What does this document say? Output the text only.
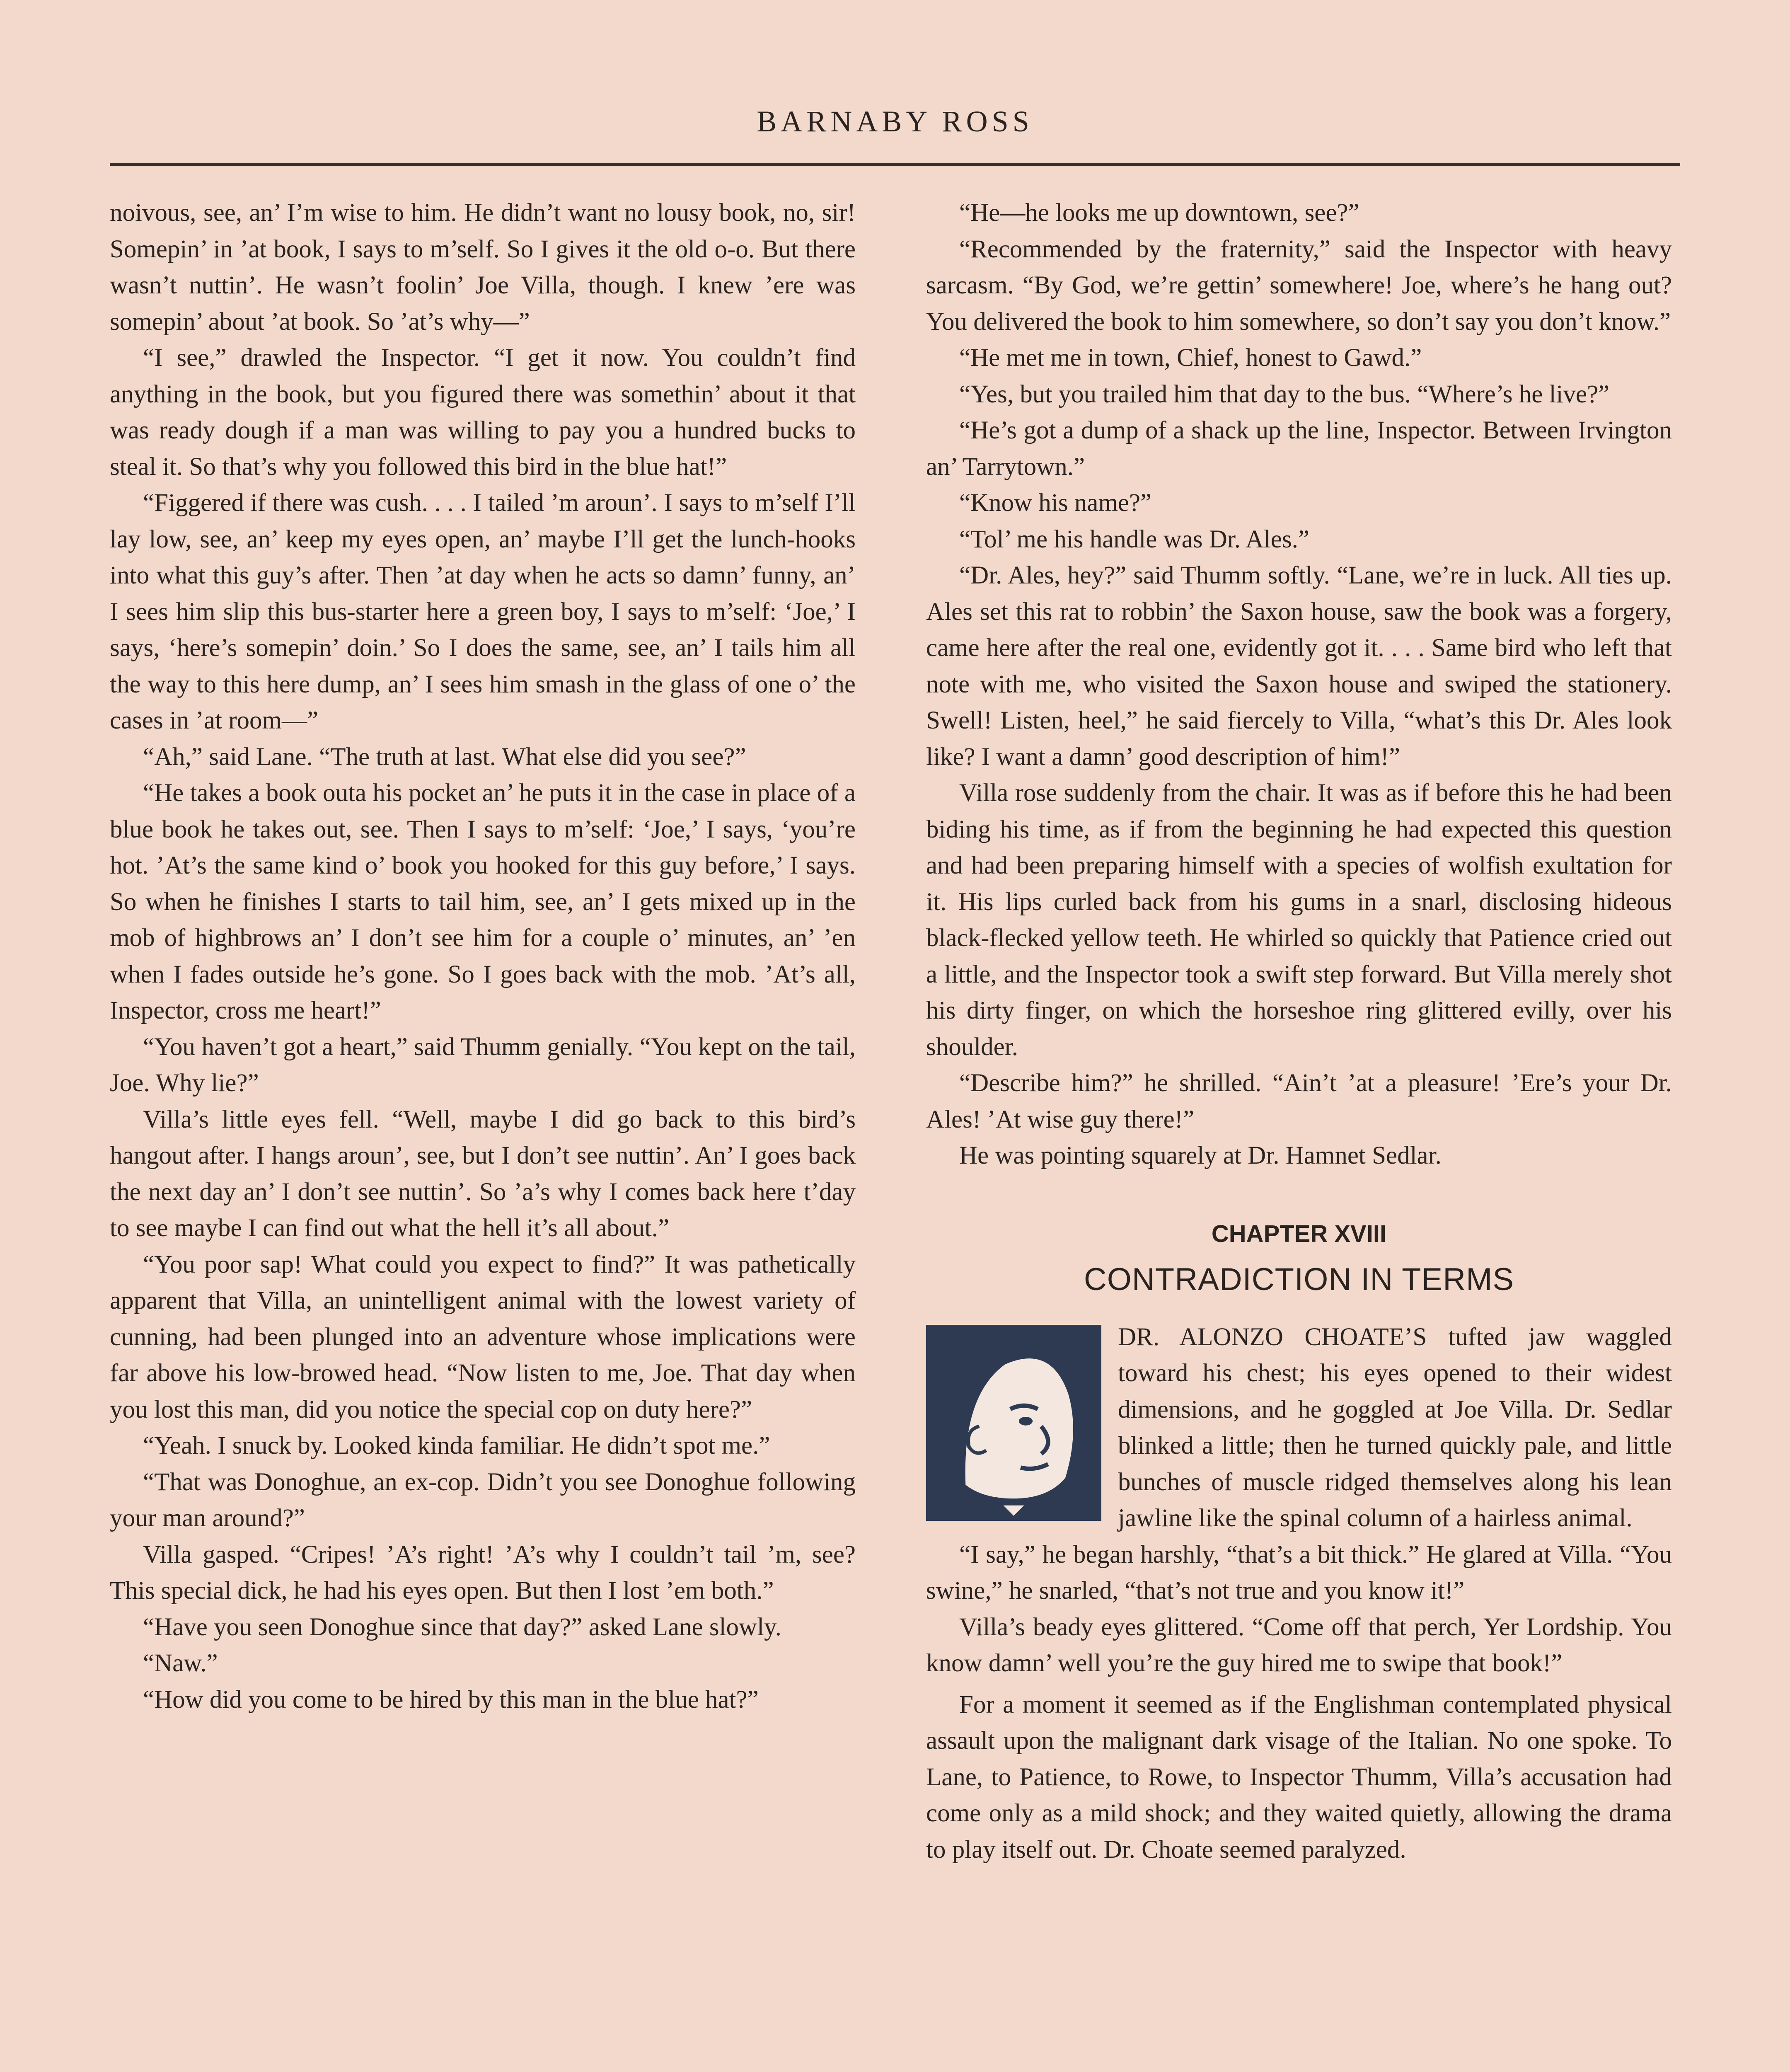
BARNABY ROSS

noivous, see, an’ I’m wise to him. He didn’t want no lousy book, no, sir! Somepin’ in ’at book, I says to m’self. So I gives it the old o-o. But there wasn’t nuttin’. He wasn’t foolin’ Joe Villa, though. I knew ’ere was somepin’ about ’at book. So ’at’s why—”

“I see,” drawled the Inspector. “I get it now. You couldn’t find anything in the book, but you figured there was somethin’ about it that was ready dough if a man was willing to pay you a hundred bucks to steal it. So that’s why you followed this bird in the blue hat!”

“Figgered if there was cush. . . . I tailed ’m aroun’. I says to m’self I’ll lay low, see, an’ keep my eyes open, an’ maybe I’ll get the lunch-hooks into what this guy’s after. Then ’at day when he acts so damn’ funny, an’ I sees him slip this bus-starter here a green boy, I says to m’self: ‘Joe,’ I says, ‘here’s somepin’ doin.’ So I does the same, see, an’ I tails him all the way to this here dump, an’ I sees him smash in the glass of one o’ the cases in ’at room—”

“Ah,” said Lane. “The truth at last. What else did you see?”

“He takes a book outa his pocket an’ he puts it in the case in place of a blue book he takes out, see. Then I says to m’self: ‘Joe,’ I says, ‘you’re hot. ’At’s the same kind o’ book you hooked for this guy before,’ I says. So when he finishes I starts to tail him, see, an’ I gets mixed up in the mob of highbrows an’ I don’t see him for a couple o’ minutes, an’ ’en when I fades outside he’s gone. So I goes back with the mob. ’At’s all, Inspector, cross me heart!”

“You haven’t got a heart,” said Thumm genially. “You kept on the tail, Joe. Why lie?”

Villa’s little eyes fell. “Well, maybe I did go back to this bird’s hangout after. I hangs aroun’, see, but I don’t see nuttin’. An’ I goes back the next day an’ I don’t see nuttin’. So ’a’s why I comes back here t’day to see maybe I can find out what the hell it’s all about.”

“You poor sap! What could you expect to find?” It was pathetically apparent that Villa, an unintelligent animal with the lowest variety of cunning, had been plunged into an adventure whose implications were far above his low-browed head. “Now listen to me, Joe. That day when you lost this man, did you notice the special cop on duty here?”

“Yeah. I snuck by. Looked kinda familiar. He didn’t spot me.”

“That was Donoghue, an ex-cop. Didn’t you see Donoghue following your man around?”

Villa gasped. “Cripes! ’A’s right! ’A’s why I couldn’t tail ’m, see? This special dick, he had his eyes open. But then I lost ’em both.”

“Have you seen Donoghue since that day?” asked Lane slowly.

“Naw.”

“How did you come to be hired by this man in the blue hat?”

“He—he looks me up downtown, see?”

“Recommended by the fraternity,” said the Inspector with heavy sarcasm. “By God, we’re gettin’ somewhere! Joe, where’s he hang out? You delivered the book to him somewhere, so don’t say you don’t know.”

“He met me in town, Chief, honest to Gawd.”

“Yes, but you trailed him that day to the bus. “Where’s he live?”

“He’s got a dump of a shack up the line, Inspector. Between Irvington an’ Tarrytown.”

“Know his name?”

“Tol’ me his handle was Dr. Ales.”

“Dr. Ales, hey?” said Thumm softly. “Lane, we’re in luck. All ties up. Ales set this rat to robbin’ the Saxon house, saw the book was a forgery, came here after the real one, evidently got it. . . . Same bird who left that note with me, who visited the Saxon house and swiped the stationery. Swell! Listen, heel,” he said fiercely to Villa, “what’s this Dr. Ales look like? I want a damn’ good description of him!”

Villa rose suddenly from the chair. It was as if before this he had been biding his time, as if from the beginning he had expected this question and had been preparing himself with a species of wolfish exultation for it. His lips curled back from his gums in a snarl, disclosing hideous black-flecked yellow teeth. He whirled so quickly that Patience cried out a little, and the Inspector took a swift step forward. But Villa merely shot his dirty finger, on which the horseshoe ring glittered evilly, over his shoulder.

“Describe him?” he shrilled. “Ain’t ’at a pleasure! ’Ere’s your Dr. Ales! ’At wise guy there!”

He was pointing squarely at Dr. Hamnet Sedlar.

CHAPTER XVIII
CONTRADICTION IN TERMS

DR. ALONZO CHOATE’S tufted jaw waggled toward his chest; his eyes opened to their widest dimensions, and he goggled at Joe Villa. Dr. Sedlar blinked a little; then he turned quickly pale, and little bunches of muscle ridged themselves along his lean jawline like the spinal column of a hairless animal.

“I say,” he began harshly, “that’s a bit thick.” He glared at Villa. “You swine,” he snarled, “that’s not true and you know it!”

Villa’s beady eyes glittered. “Come off that perch, Yer Lordship. You know damn’ well you’re the guy hired me to swipe that book!”

For a moment it seemed as if the Englishman contemplated physical assault upon the malignant dark visage of the Italian. No one spoke. To Lane, to Patience, to Rowe, to Inspector Thumm, Villa’s accusation had come only as a mild shock; and they waited quietly, allowing the drama to play itself out. Dr. Choate seemed paralyzed.
